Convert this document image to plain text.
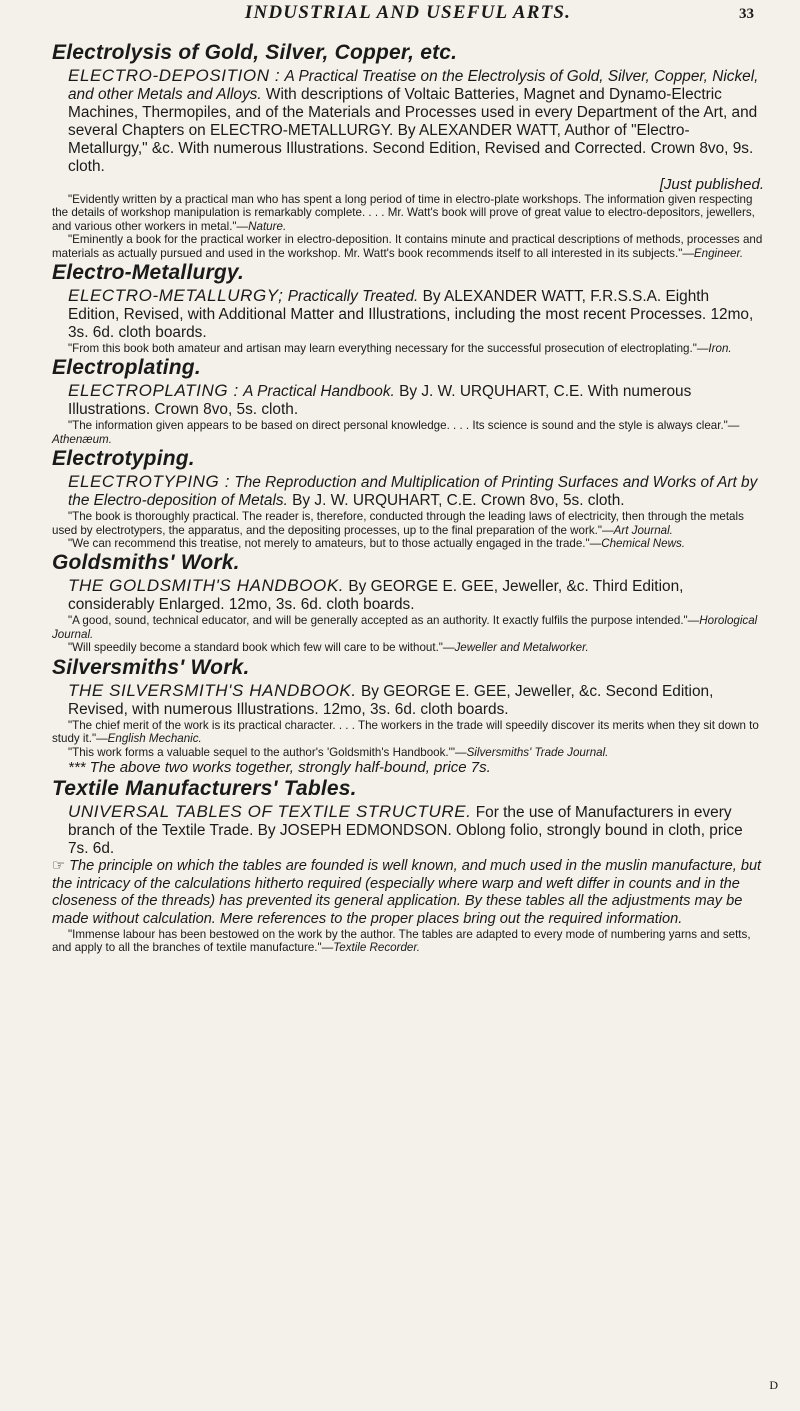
INDUSTRIAL AND USEFUL ARTS.	33
Electrolysis of Gold, Silver, Copper, etc.

ELECTRO-DEPOSITION : A Practical Treatise on the Electrolysis of Gold, Silver, Copper, Nickel, and other Metals and Alloys. With descriptions of Voltaic Batteries, Magnet and Dynamo-Electric Machines, Thermopiles, and of the Materials and Processes used in every Department of the Art, and several Chapters on ELECTRO-METALLURGY. By ALEXANDER WATT, Author of "Electro-Metallurgy," &c. With numerous Illustrations. Second Edition, Revised and Corrected. Crown 8vo, 9s. cloth.

[Just published.

"Evidently written by a practical man who has spent a long period of time in electro-plate workshops. The information given respecting the details of workshop manipulation is remarkably complete. . . . Mr. Watt's book will prove of great value to electro-depositors, jewellers, and various other workers in metal."—Nature.

"Eminently a book for the practical worker in electro-deposition. It contains minute and practical descriptions of methods, processes and materials as actually pursued and used in the workshop. Mr. Watt's book recommends itself to all interested in its subjects."—Engineer.

Electro-Metallurgy.

ELECTRO-METALLURGY; Practically Treated. By ALEXANDER WATT, F.R.S.S.A. Eighth Edition, Revised, with Additional Matter and Illustrations, including the most recent Processes. 12mo, 3s. 6d. cloth boards.

"From this book both amateur and artisan may learn everything necessary for the successful prosecution of electroplating."—Iron.

Electroplating.

ELECTROPLATING : A Practical Handbook. By J. W. URQUHART, C.E. With numerous Illustrations. Crown 8vo, 5s. cloth.

"The information given appears to be based on direct personal knowledge. . . . Its science is sound and the style is always clear."—Athenæum.

Electrotyping.

ELECTROTYPING : The Reproduction and Multiplication of Printing Surfaces and Works of Art by the Electro-deposition of Metals. By J. W. URQUHART, C.E. Crown 8vo, 5s. cloth.

"The book is thoroughly practical. The reader is, therefore, conducted through the leading laws of electricity, then through the metals used by electrotypers, the apparatus, and the depositing processes, up to the final preparation of the work."—Art Journal.

"We can recommend this treatise, not merely to amateurs, but to those actually engaged in the trade."—Chemical News.

Goldsmiths' Work.

THE GOLDSMITH'S HANDBOOK. By GEORGE E. GEE, Jeweller, &c. Third Edition, considerably Enlarged. 12mo, 3s. 6d. cloth boards.

"A good, sound, technical educator, and will be generally accepted as an authority. It exactly fulfils the purpose intended."—Horological Journal.

"Will speedily become a standard book which few will care to be without."—Jeweller and Metalworker.

Silversmiths' Work.

THE SILVERSMITH'S HANDBOOK. By GEORGE E. GEE, Jeweller, &c. Second Edition, Revised, with numerous Illustrations. 12mo, 3s. 6d. cloth boards.

"The chief merit of the work is its practical character. . . . The workers in the trade will speedily discover its merits when they sit down to study it."—English Mechanic.

"This work forms a valuable sequel to the author's 'Goldsmith's Handbook.'"—Silversmiths' Trade Journal.

*** The above two works together, strongly half-bound, price 7s.

Textile Manufacturers' Tables.

UNIVERSAL TABLES OF TEXTILE STRUCTURE. For the use of Manufacturers in every branch of the Textile Trade. By JOSEPH EDMONDSON. Oblong folio, strongly bound in cloth, price 7s. 6d.

☞ The principle on which the tables are founded is well known, and much used in the muslin manufacture, but the intricacy of the calculations hitherto required (especially where warp and weft differ in counts and in the closeness of the threads) has prevented its general application. By these tables all the adjustments may be made without calculation. Mere references to the proper places bring out the required information.

"Immense labour has been bestowed on the work by the author. The tables are adapted to every mode of numbering yarns and setts, and apply to all the branches of textile manufacture."—Textile Recorder.

D
